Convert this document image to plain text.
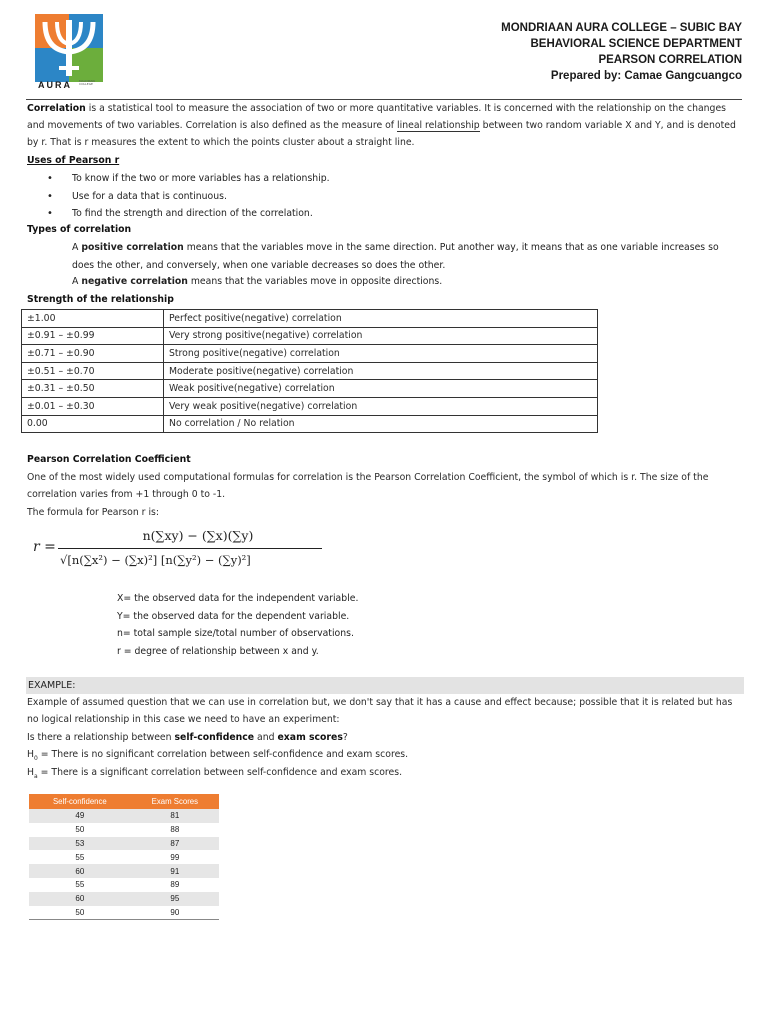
AURA MALDIRAN COLLEGE
MONDRIAAN AURA COLLEGE – SUBIC BAY
BEHAVIORAL SCIENCE DEPARTMENT
PEARSON CORRELATION
Prepared by: Camae Gangcuangco
Correlation is a statistical tool to measure the association of two or more quantitative variables. It is concerned with the relationship on the changes and movements of two variables. Correlation is also defined as the measure of lineal relationship between two random variable X and Y, and is denoted by r. That is r measures the extent to which the points cluster about a straight line.
Uses of Pearson r
• To know if the two or more variables has a relationship.
• Use for a data that is continuous.
• To find the strength and direction of the correlation.
Types of correlation
A positive correlation means that the variables move in the same direction. Put another way, it means that as one variable increases so does the other, and conversely, when one variable decreases so does the other.
A negative correlation means that the variables move in opposite directions.
Strength of the relationship
±1.00	Perfect positive(negative) correlation
±0.91 – ±0.99	Very strong positive(negative) correlation
±0.71 – ±0.90	Strong positive(negative) correlation
±0.51 – ±0.70	Moderate positive(negative) correlation
±0.31 – ±0.50	Weak positive(negative) correlation
±0.01 – ±0.30	Very weak positive(negative) correlation
0.00	No correlation / No relation
Pearson Correlation Coefficient
One of the most widely used computational formulas for correlation is the Pearson Correlation Coefficient, the symbol of which is r. The size of the correlation varies from +1 through 0 to -1.
The formula for Pearson r is:
r =
n(∑xy) − (∑x)(∑y)
√[n(∑x²) − (∑x)²] [n(∑y²) − (∑y)²]
X= the observed data for the independent variable.
Y= the observed data for the dependent variable.
n= total sample size/total number of observations.
r = degree of relationship between x and y.
EXAMPLE:
Example of assumed question that we can use in correlation but, we don't say that it has a cause and effect because; possible that it is related but has no logical relationship in this case we need to have an experiment:
Is there a relationship between self-confidence and exam scores?
$H_0$ = There is no significant correlation between self-confidence and exam scores.
$H_a$ = There is a significant correlation between self-confidence and exam scores.
Self-confidence	Exam Scores
49	81
50	88
53	87
55	99
60	91
55	89
60	95
50	90
